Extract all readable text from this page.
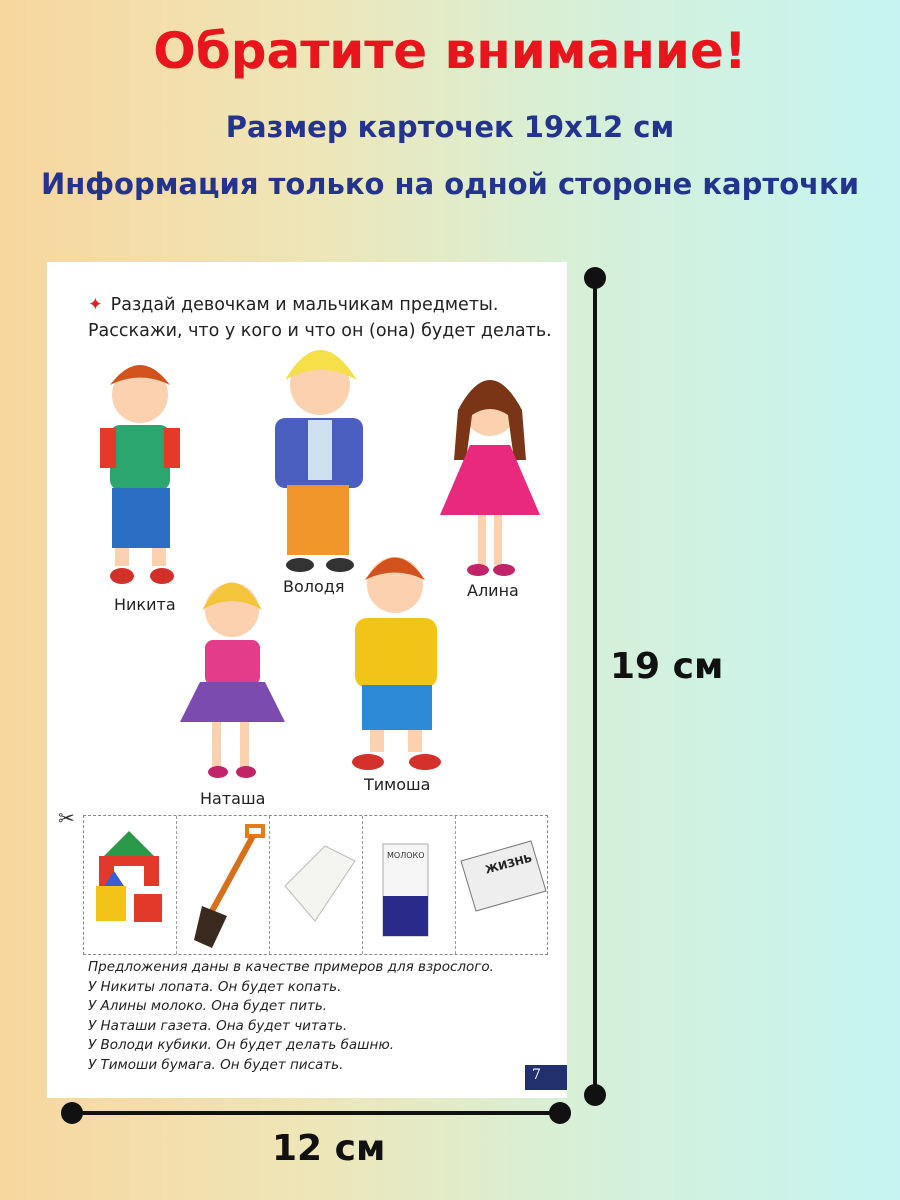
Обратите внимание!
Размер карточек 19х12 см
Информация только на одной стороне карточки
✦ Раздай девочкам и мальчикам предметы. Расскажи, что у кого и что он (она) будет делать.
Никита
Володя	Алина
Наташа
Тимоша
✂
МОЛОКО	ЖИЗНЬ
Предложения даны в качестве примеров для взрослого.
У Никиты лопата. Он будет копать.
У Алины молоко. Она будет пить.
У Наташи газета. Она будет читать.
У Володи кубики. Он будет делать башню.
У Тимоши бумага. Он будет писать.
7
19 см
12 см
